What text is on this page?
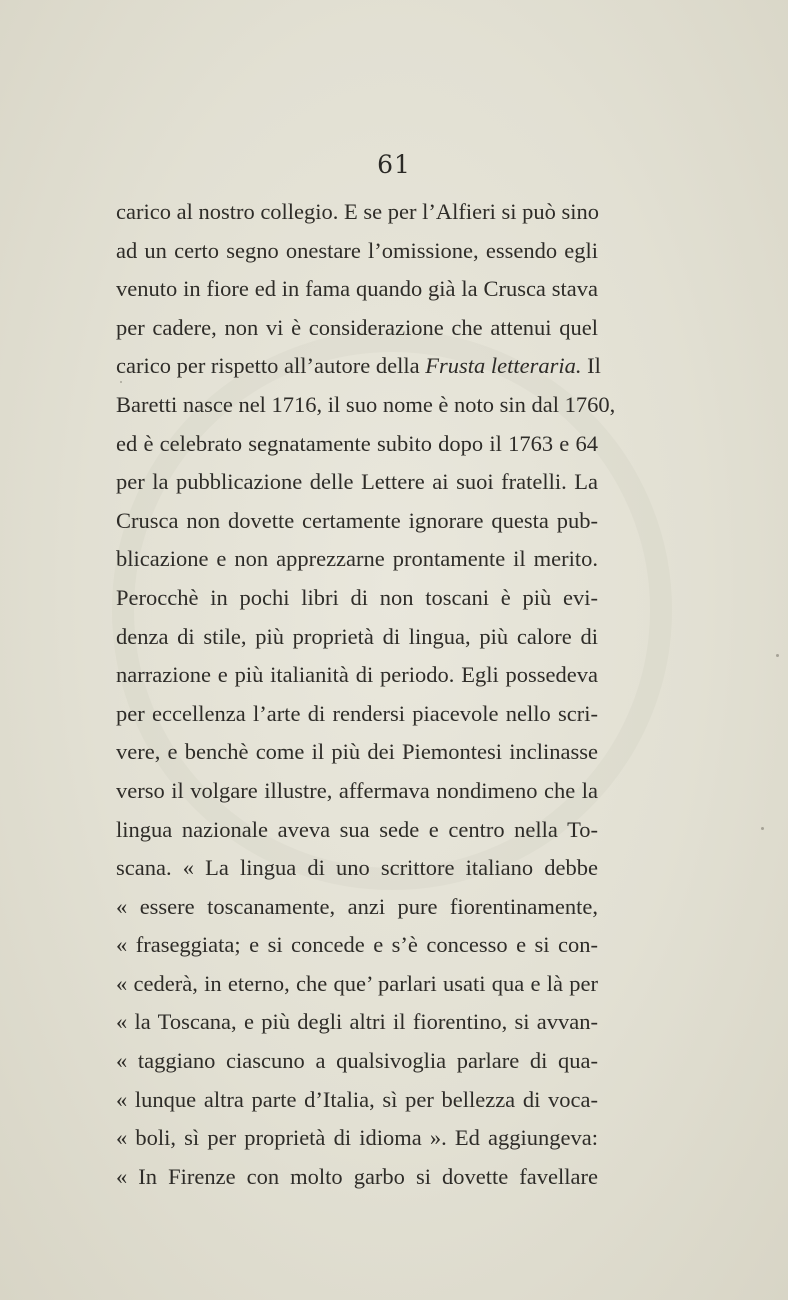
61
carico al nostro collegio. E se per l’Alfieri si può sino
ad un certo segno onestare l’omissione, essendo egli
venuto in fiore ed in fama quando già la Crusca stava
per cadere, non vi è considerazione che attenui quel
carico per rispetto all’autore della Frusta letteraria. Il
Baretti nasce nel 1716, il suo nome è noto sin dal 1760,
ed è celebrato segnatamente subito dopo il 1763 e 64
per la pubblicazione delle Lettere ai suoi fratelli. La
Crusca non dovette certamente ignorare questa pub-
blicazione e non apprezzarne prontamente il merito.
Perocchè in pochi libri di non toscani è più evi-
denza di stile, più proprietà di lingua, più calore di
narrazione e più italianità di periodo. Egli possedeva
per eccellenza l’arte di rendersi piacevole nello scri-
vere, e benchè come il più dei Piemontesi inclinasse
verso il volgare illustre, affermava nondimeno che la
lingua nazionale aveva sua sede e centro nella To-
scana. « La lingua di uno scrittore italiano debbe
« essere toscanamente, anzi pure fiorentinamente,
« fraseggiata; e si concede e s’è concesso e si con-
« cederà, in eterno, che que’ parlari usati qua e là per
« la Toscana, e più degli altri il fiorentino, si avvan-
« taggiano ciascuno a qualsivoglia parlare di qua-
« lunque altra parte d’Italia, sì per bellezza di voca-
« boli, sì per proprietà di idioma ». Ed aggiungeva:
« In Firenze con molto garbo si dovette favellare
